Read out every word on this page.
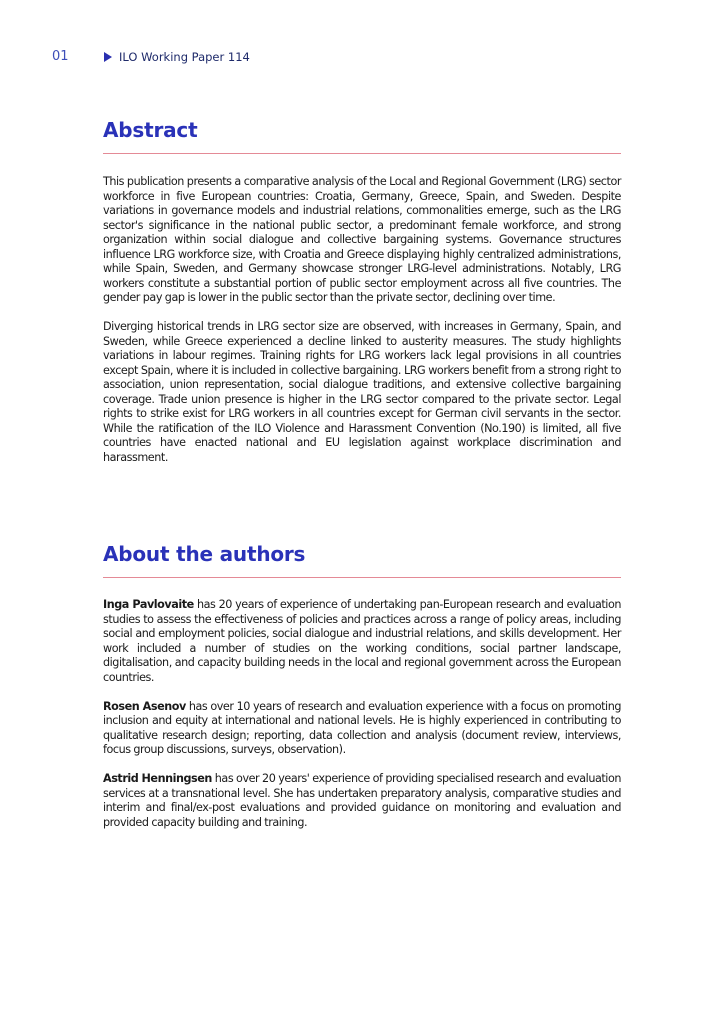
01	ILO Working Paper 114
Abstract

This publication presents a comparative analysis of the Local and Regional Government (LRG) sector workforce in five European countries: Croatia, Germany, Greece, Spain, and Sweden. Despite variations in governance models and industrial relations, commonalities emerge, such as the LRG sector's significance in the national public sector, a predominant female workforce, and strong organization within social dialogue and collective bargaining systems. Governance structures influence LRG workforce size, with Croatia and Greece displaying highly centralized administrations, while Spain, Sweden, and Germany showcase stronger LRG-level administrations. Notably, LRG workers constitute a substantial portion of public sector employment across all five countries. The gender pay gap is lower in the public sector than the private sector, declining over time.

Diverging historical trends in LRG sector size are observed, with increases in Germany, Spain, and Sweden, while Greece experienced a decline linked to austerity measures. The study highlights variations in labour regimes. Training rights for LRG workers lack legal provisions in all countries except Spain, where it is included in collective bargaining. LRG workers benefit from a strong right to association, union representation, social dialogue traditions, and extensive collective bargaining coverage. Trade union presence is higher in the LRG sector compared to the private sector. Legal rights to strike exist for LRG workers in all countries except for German civil servants in the sector. While the ratification of the ILO Violence and Harassment Convention (No.190) is limited, all five countries have enacted national and EU legislation against workplace discrimination and harassment.

About the authors

Inga Pavlovaite has 20 years of experience of undertaking pan-European research and evaluation studies to assess the effectiveness of policies and practices across a range of policy areas, including social and employment policies, social dialogue and industrial relations, and skills development. Her work included a number of studies on the working conditions, social partner landscape, digitalisation, and capacity building needs in the local and regional government across the European countries.

Rosen Asenov has over 10 years of research and evaluation experience with a focus on promoting inclusion and equity at international and national levels. He is highly experienced in contributing to qualitative research design; reporting, data collection and analysis (document review, interviews, focus group discussions, surveys, observation).

Astrid Henningsen has over 20 years' experience of providing specialised research and evaluation services at a transnational level. She has undertaken preparatory analysis, comparative studies and interim and final/ex-post evaluations and provided guidance on monitoring and evaluation and provided capacity building and training.
